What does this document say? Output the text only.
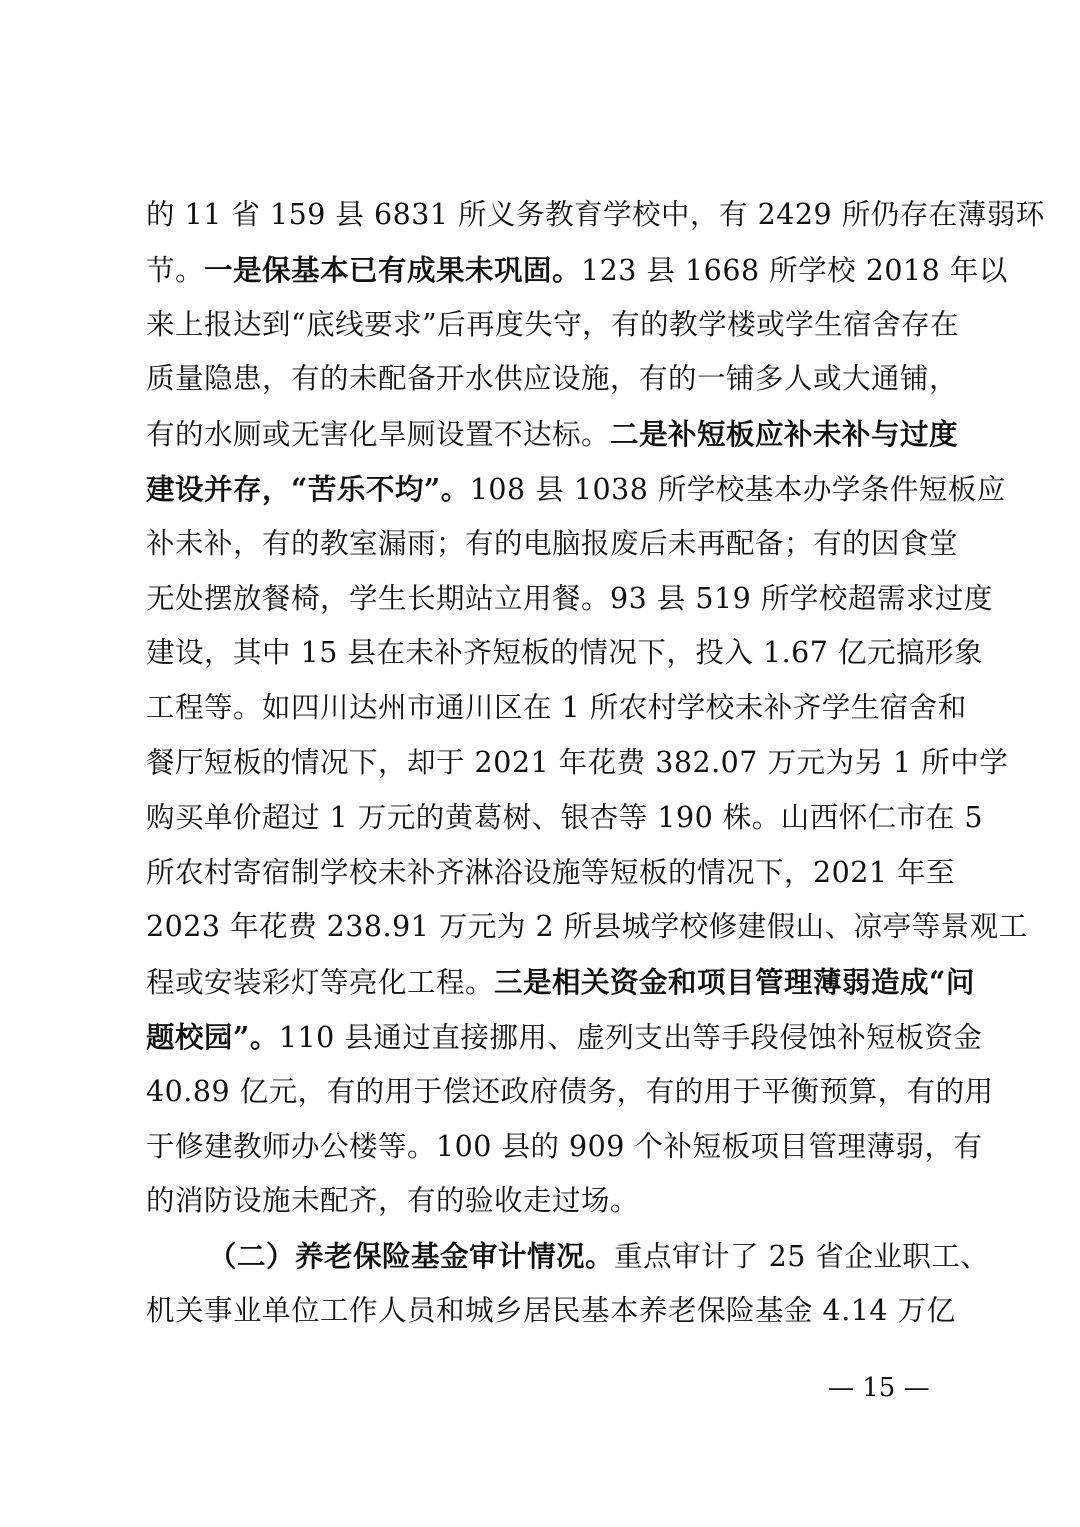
的 11 省 159 县 6831 所义务教育学校中，有 2429 所仍存在薄弱环
节。一是保基本已有成果未巩固。123 县 1668 所学校 2018 年以
来上报达到“底线要求”后再度失守，有的教学楼或学生宿舍存在
质量隐患，有的未配备开水供应设施，有的一铺多人或大通铺，
有的水厕或无害化旱厕设置不达标。二是补短板应补未补与过度
建设并存，“苦乐不均”。108 县 1038 所学校基本办学条件短板应
补未补，有的教室漏雨；有的电脑报废后未再配备；有的因食堂
无处摆放餐椅，学生长期站立用餐。93 县 519 所学校超需求过度
建设，其中 15 县在未补齐短板的情况下，投入 1.67 亿元搞形象
工程等。如四川达州市通川区在 1 所农村学校未补齐学生宿舍和
餐厅短板的情况下，却于 2021 年花费 382.07 万元为另 1 所中学
购买单价超过 1 万元的黄葛树、银杏等 190 株。山西怀仁市在 5
所农村寄宿制学校未补齐淋浴设施等短板的情况下，2021 年至
2023 年花费 238.91 万元为 2 所县城学校修建假山、凉亭等景观工
程或安装彩灯等亮化工程。三是相关资金和项目管理薄弱造成“问
题校园”。110 县通过直接挪用、虚列支出等手段侵蚀补短板资金
40.89 亿元，有的用于偿还政府债务，有的用于平衡预算，有的用
于修建教师办公楼等。100 县的 909 个补短板项目管理薄弱，有
的消防设施未配齐，有的验收走过场。
（二）养老保险基金审计情况。重点审计了 25 省企业职工、
机关事业单位工作人员和城乡居民基本养老保险基金 4.14 万亿
— 15 —
